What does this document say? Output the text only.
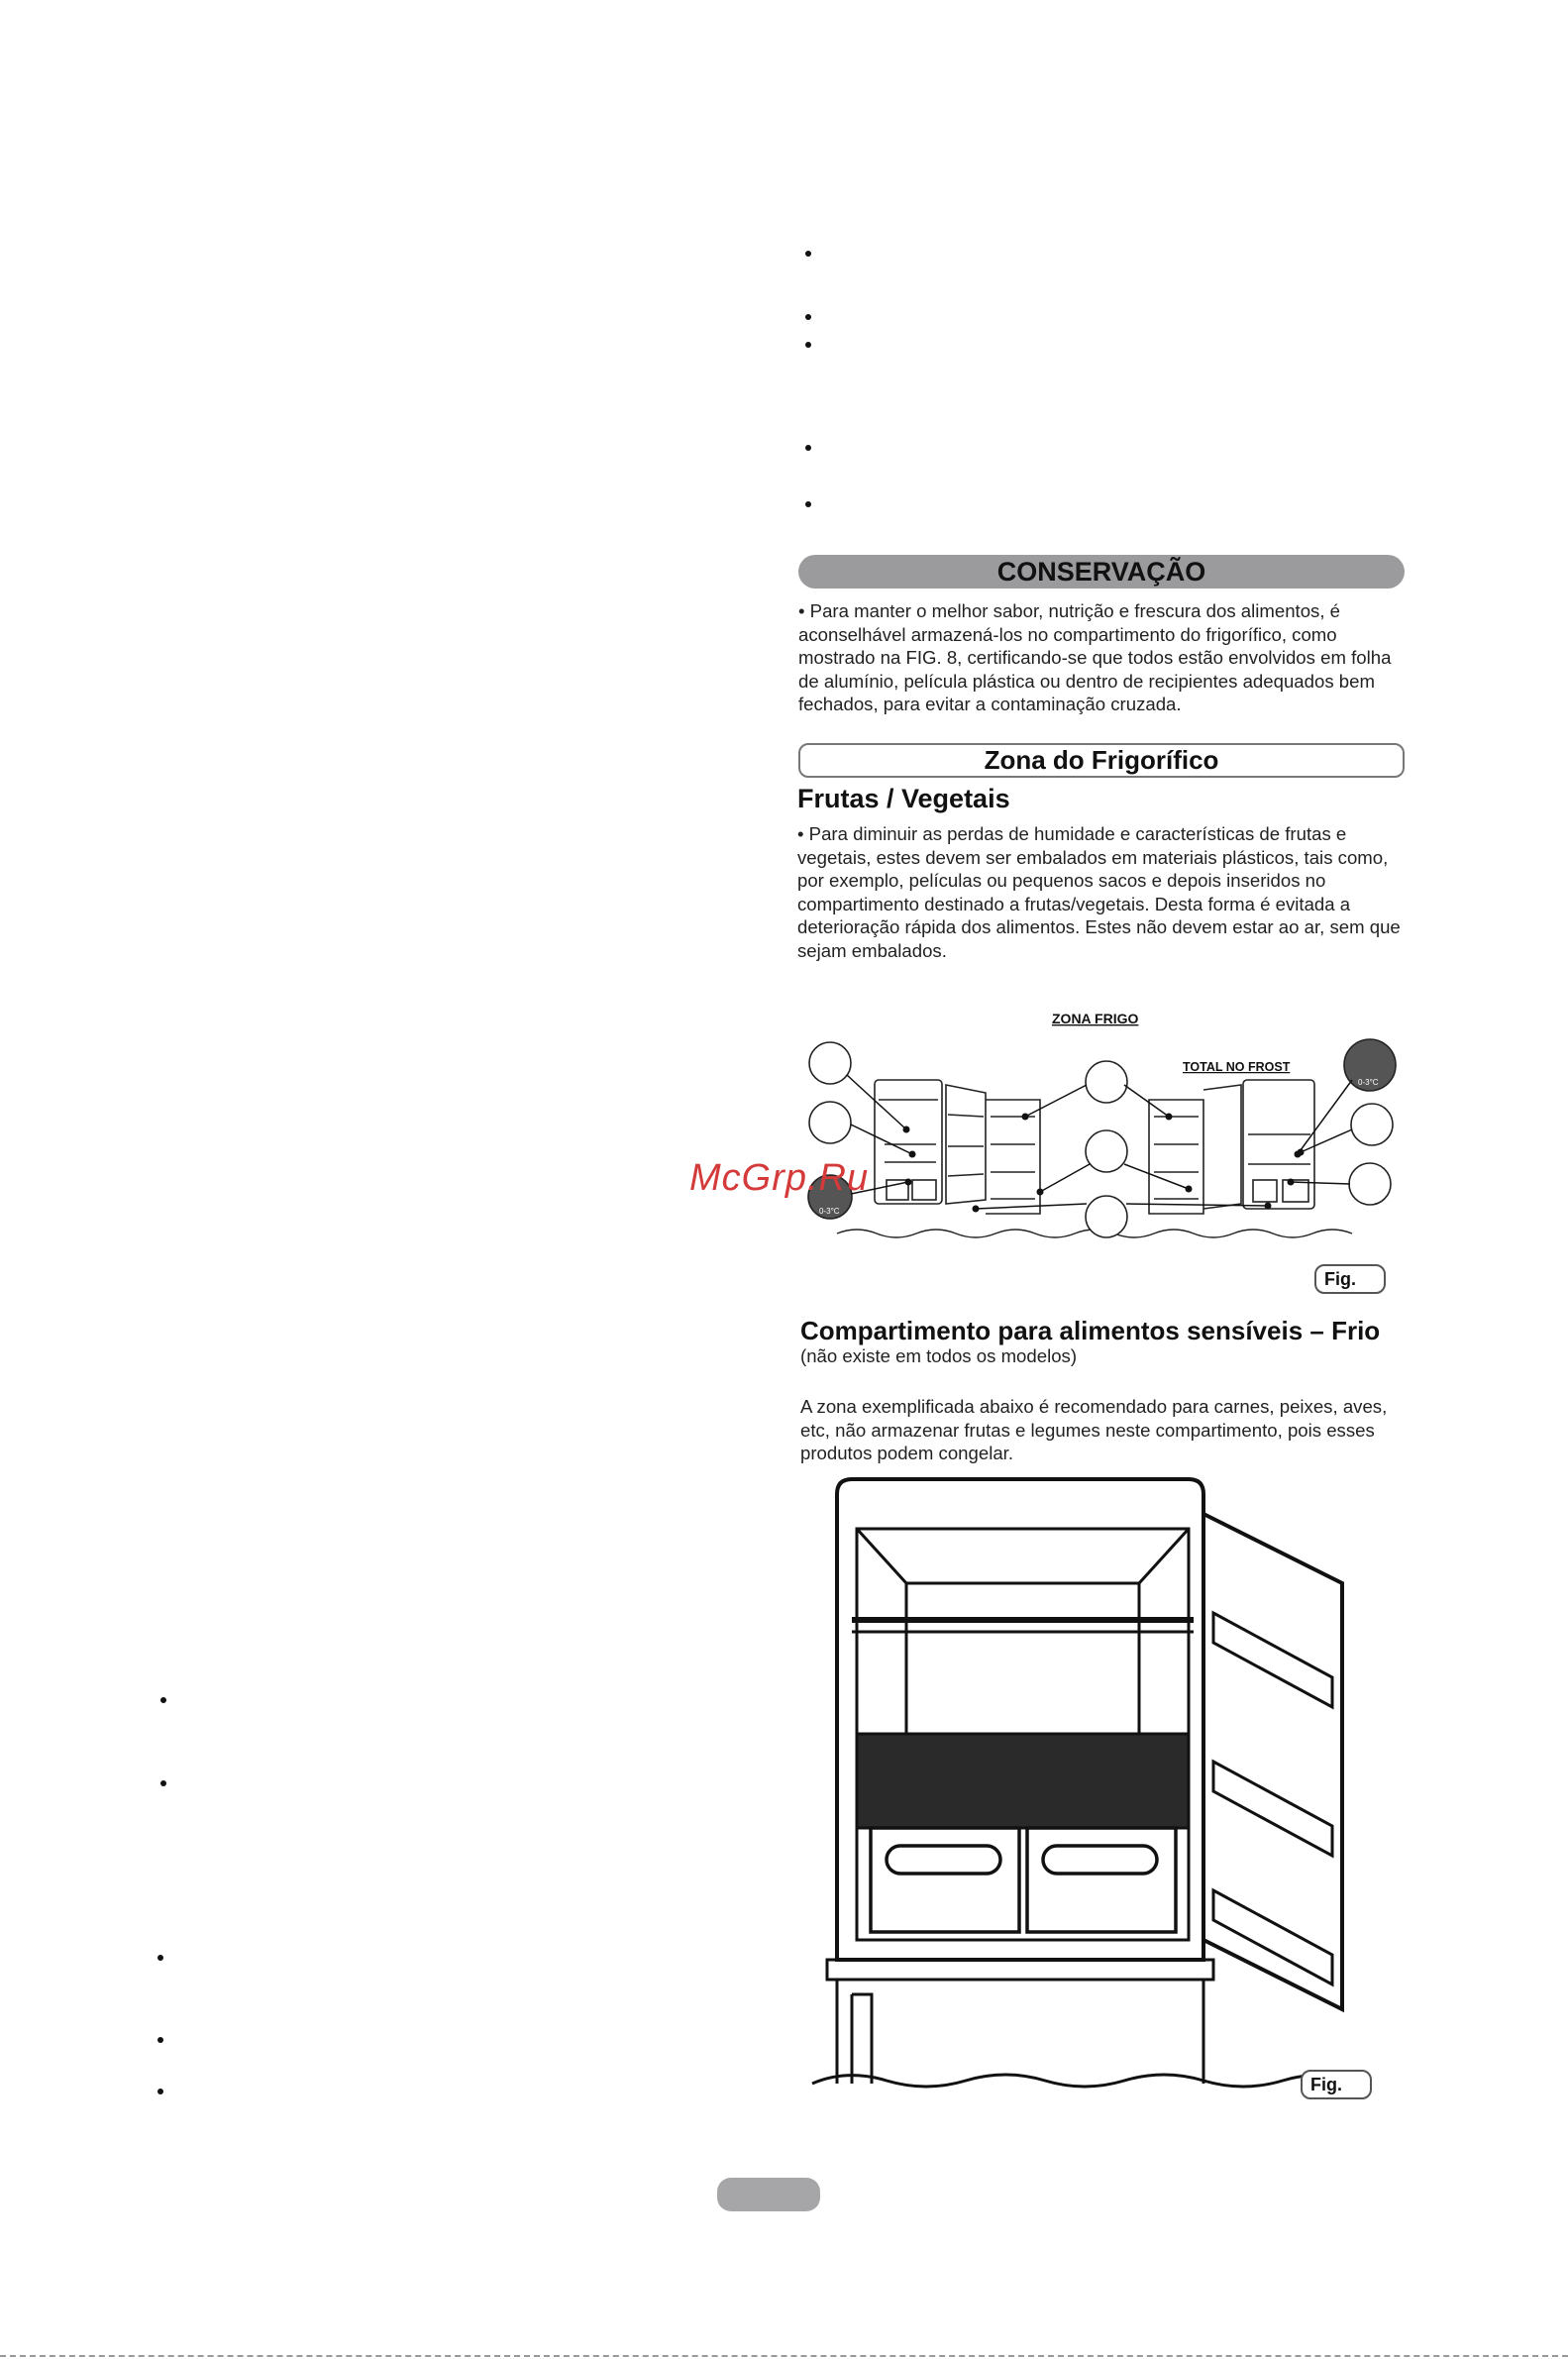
CONSERVAÇÃO
• Para manter o melhor sabor, nutrição e frescura dos alimentos, é aconselhável armazená-los no compartimento do frigorífico, como mostrado na FIG. 8, certificando-se que todos estão envolvidos em folha de alumínio, película plástica ou dentro de recipientes adequados bem fechados, para evitar a contaminação cruzada.
Zona do Frigorífico
Frutas / Vegetais
• Para diminuir as perdas de humidade e características de frutas e vegetais, estes devem ser embalados em materiais plásticos, tais como, por exemplo, películas ou pequenos sacos e depois inseridos no compartimento destinado a frutas/vegetais. Desta forma é evitada a deterioração rápida dos alimentos. Estes não devem estar ao ar, sem que sejam embalados.
ZONA FRIGO
TOTAL NO FROST
0-3°C
0-3°C
McGrp.Ru
Fig.
Compartimento para alimentos sensíveis – Frio
(não existe em todos os modelos)
A zona exemplificada abaixo é recomendado para carnes, peixes, aves, etc, não armazenar frutas e legumes neste compartimento, pois esses produtos podem congelar.
Fig.
